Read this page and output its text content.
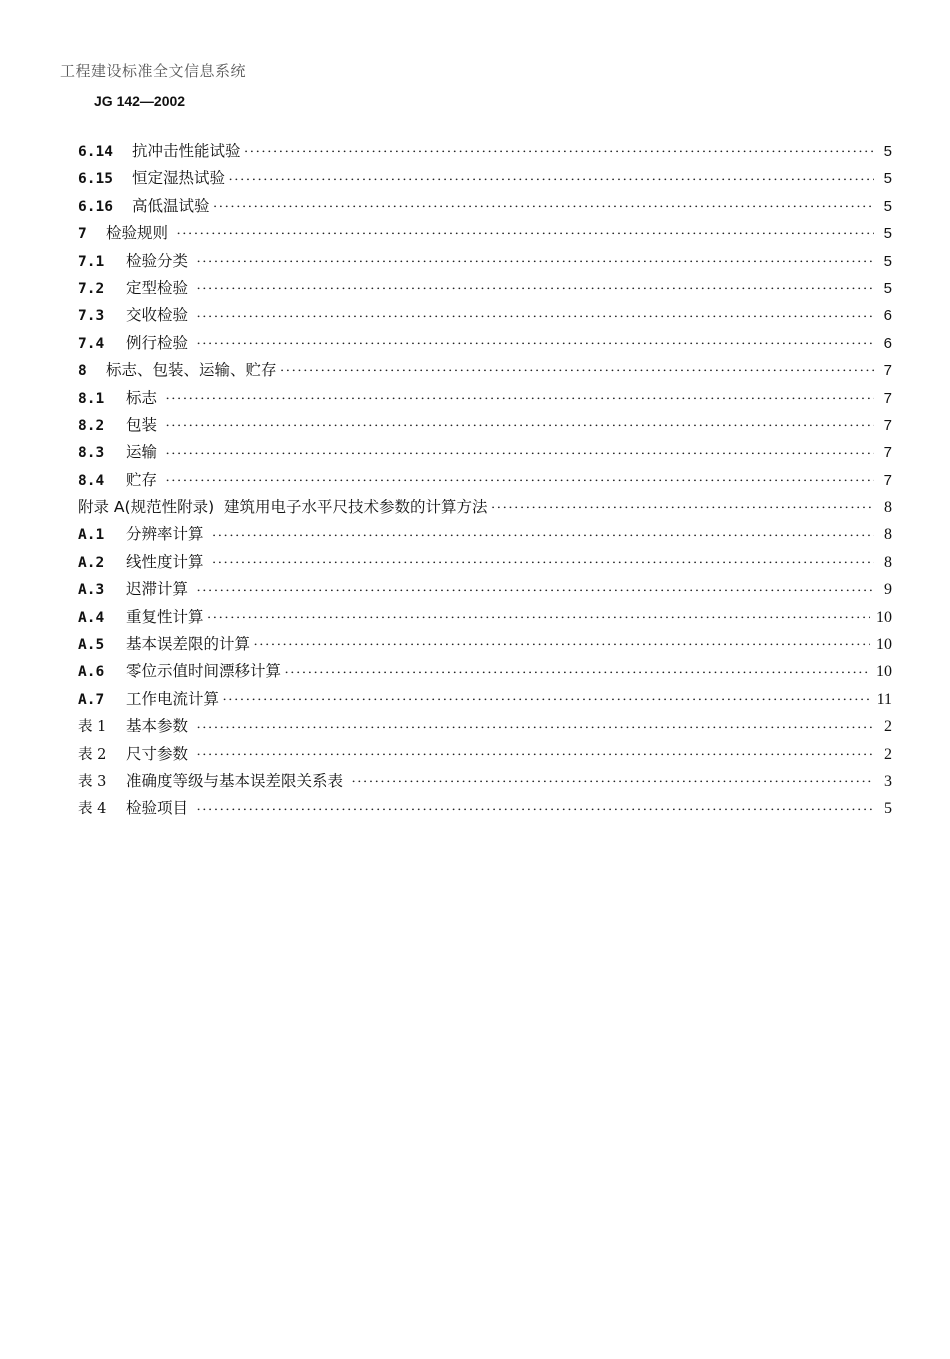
工程建设标准全文信息系统
JG 142—2002
6.14	抗冲击性能试验 •••••	5
6.15	恒定湿热试验 •••••	5
6.16	高低温试验 •••••	5
7	检验规则 •••••	5
7.1	检验分类 •••••	5
7.2	定型检验 •••••	5
7.3	交收检验 •••••	6
7.4	例行检验 •••••	6
8	标志、包装、运输、贮存 •••••	7
8.1	标志 •••••	7
8.2	包装 •••••	7
8.3	运输 •••••	7
8.4	贮存 •••••	7
附录 A(规范性附录)  建筑用电子水平尺技术参数的计算方法 •••••	8
A.1	分辨率计算 •••••	8
A.2	线性度计算 •••••	8
A.3	迟滞计算 •••••	9
A.4	重复性计算 •••••	10
A.5	基本误差限的计算 •••••	10
A.6	零位示值时间漂移计算 •••••	10
A.7	工作电流计算 •••••	11
表 1	基本参数 •••••	2
表 2	尺寸参数 •••••	2
表 3	准确度等级与基本误差限关系表 •••••	3
表 4	检验项目 •••••	5
